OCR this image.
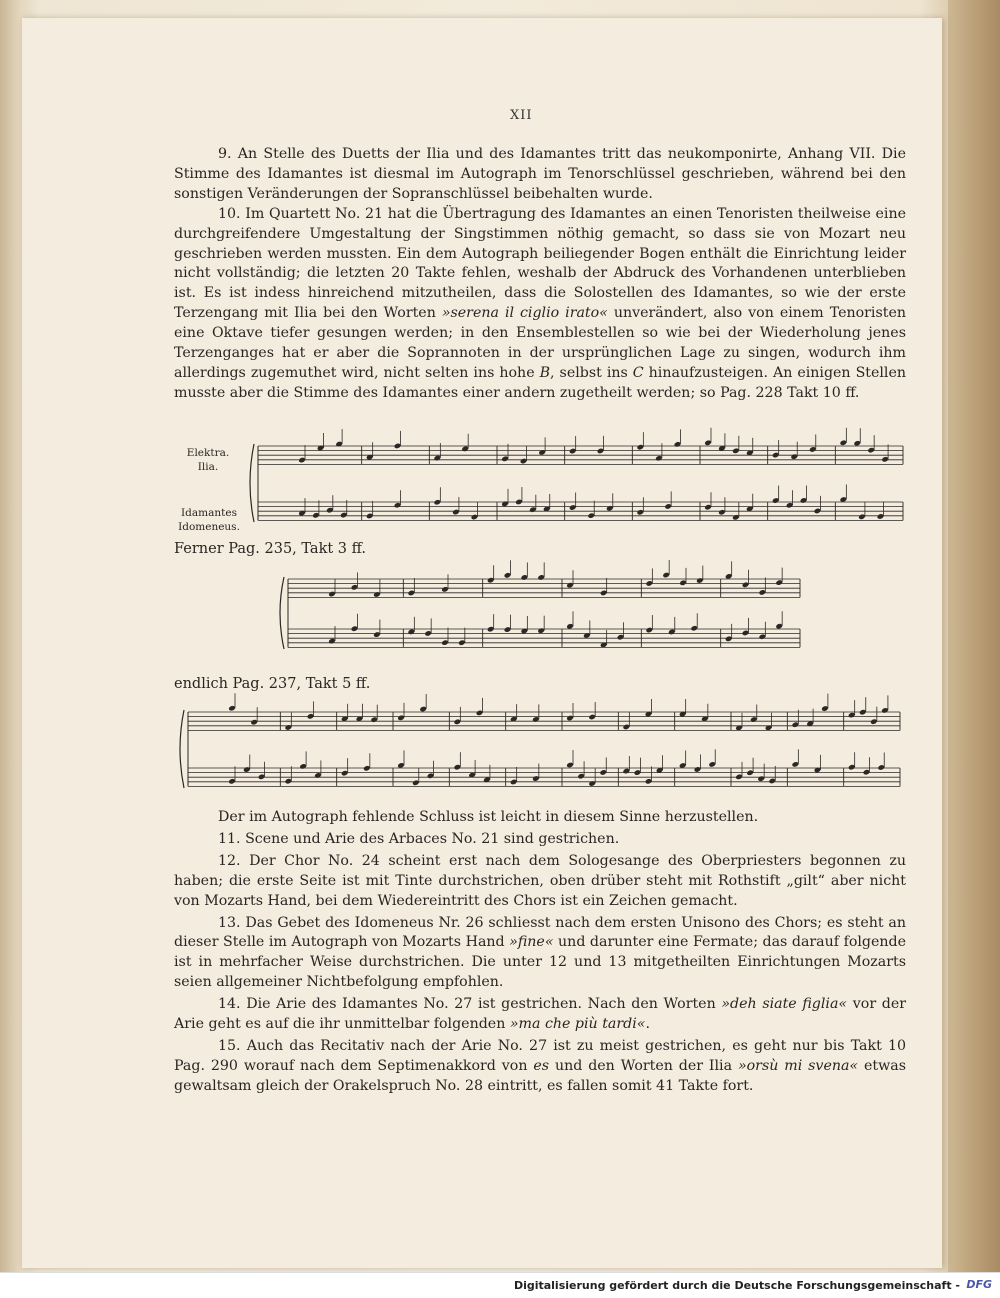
XII

9. An Stelle des Duetts der Ilia und des Idamantes tritt das neukomponirte, Anhang VII. Die Stimme des Idamantes ist diesmal im Autograph im Tenorschlüssel geschrieben, während bei den sonstigen Veränderungen der Sopranschlüssel beibehalten wurde.

10. Im Quartett No. 21 hat die Übertragung des Idamantes an einen Tenoristen theilweise eine durchgreifendere Umgestaltung der Singstimmen nöthig gemacht, so dass sie von Mozart neu geschrieben werden mussten. Ein dem Autograph beiliegender Bogen enthält die Einrichtung leider nicht vollständig; die letzten 20 Takte fehlen, weshalb der Abdruck des Vorhandenen unterblieben ist. Es ist indess hinreichend mitzutheilen, dass die Solostellen des Idamantes, so wie der erste Terzengang mit Ilia bei den Worten »serena il ciglio irato« unverändert, also von einem Tenoristen eine Oktave tiefer gesungen werden; in den Ensemblestellen so wie bei der Wiederholung jenes Terzenganges hat er aber die Soprannoten in der ursprünglichen Lage zu singen, wodurch ihm allerdings zugemuthet wird, nicht selten ins hohe B, selbst ins C hinaufzusteigen. An einigen Stellen musste aber die Stimme des Idamantes einer andern zugetheilt werden; so Pag. 228 Takt 10 ff.

Elektra.
Ilia.
Idamantes
Idomeneus.
Ferner Pag. 235, Takt 3 ff.
endlich Pag. 237, Takt 5 ff.

Der im Autograph fehlende Schluss ist leicht in diesem Sinne herzustellen.

11. Scene und Arie des Arbaces No. 21 sind gestrichen.

12. Der Chor No. 24 scheint erst nach dem Sologesange des Oberpriesters begonnen zu haben; die erste Seite ist mit Tinte durchstrichen, oben drüber steht mit Rothstift „gilt“ aber nicht von Mozarts Hand, bei dem Wiedereintritt des Chors ist ein Zeichen gemacht.

13. Das Gebet des Idomeneus Nr. 26 schliesst nach dem ersten Unisono des Chors; es steht an dieser Stelle im Autograph von Mozarts Hand »fine« und darunter eine Fermate; das darauf folgende ist in mehrfacher Weise durchstrichen. Die unter 12 und 13 mitgetheilten Einrichtungen Mozarts seien allgemeiner Nichtbefolgung empfohlen.

14. Die Arie des Idamantes No. 27 ist gestrichen. Nach den Worten »deh siate figlia« vor der Arie geht es auf die ihr unmittelbar folgenden »ma che più tardi«.

15. Auch das Recitativ nach der Arie No. 27 ist zu meist gestrichen, es geht nur bis Takt 10 Pag. 290 worauf nach dem Septimenakkord von es und den Worten der Ilia »orsù mi svena« etwas gewaltsam gleich der Orakelspruch No. 28 eintritt, es fallen somit 41 Takte fort.

Digitalisierung gefördert durch die Deutsche Forschungsgemeinschaft - DFG
